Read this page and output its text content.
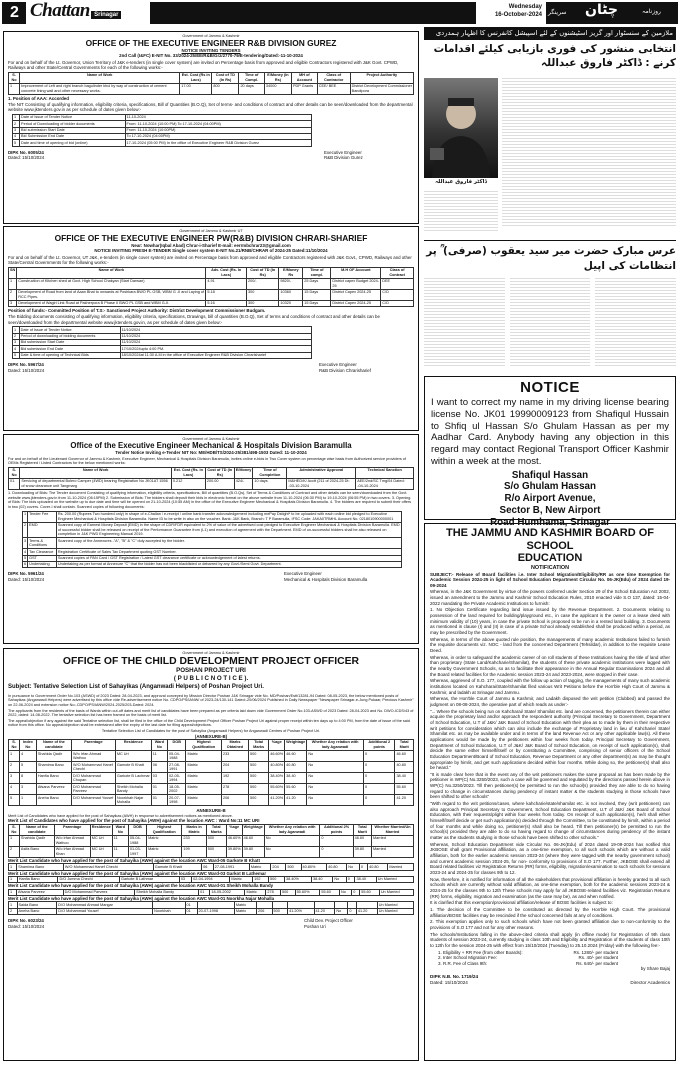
2 Chattan Srinagar
Wednesday
16-October-2024 سرینگر چٹان	روزنامہ
Government of Jammu & Kashmir
OFFICE OF THE EXECUTIVE ENGINEER R&B DIVISION GUREZ
NOTICE INVITING TENDERS
2nd Call (I&FC) E-NIT No. 33/2024-25/EE/R&B/Grz/2770-79/E-tendering/Dated:-11-10-2024

For and on behalf of the Lt. Governor, Union Territory of J&K e-tenders (in single cover system) are invited on Percentage basis from approved and eligible Contractors registered with J&K Govt. CPWD, Railways and other State/Central Governments for each of the following works:-

S. No	Name of Work	Est. Cost (Rs in Lacs)	Cost of TD (In Rs)	Time of Compl.	E/Money (In Rs)	MH of Account	Class of Contractor	Project Authority
1	Improvement of Left and right branch bagulinder khul by way of construction of cement concrete lining wall and other necessary works.	17.00	800	20 days	34000	PDP Grants	CEE/ BEE	District Development Commissioner Bandipora

1. Position of AAA: Accorded

The NIT Consisting of qualifying information, eligibility criteria, specifications, Bill of Quantities (B.O.Q), Set of terms- and conditions of contract and other details can be seen/downloaded from the departmental website www.jktenders.gov.in as per schedule of dates given below:-

1	Date of Issue of Tender Notice	11-10-2024
2	Period of Downloading of bidder documents	From: 11-10-2024 (10:00 PM) To 17-10-2024 (04:00PM)
3	Bid submission Start Date	From: 11-10-2024 (10:00PM)
4	Bid Submission End Date	To 17-10-2024 (04:00PM)
5	Date and time of opening of bid (online)	17-10-2024 (05:00 PM) In the office of Executive Engineer R&B Division Gurez
DIPK No. 6005/24
Dated: 15/10/2024
Executive Engineer
R&B Division Gurez
Government of Jammu & Kashmir UT
OFFICE OF THE EXECUTIVE ENGINEER PW(R&B) DIVISION CHRARI-SHARIEF
Near: Nowhar(Iqbal Abad) Chrar-i-Sharief E-mail: eerrmbchrar23@gmail.com
NOTICE INVITING FRESH E-TENDER Single cover system E-NIT No.21/RNB/CHRAR of 2024-25 Dated:11/10/2024

For and on behalf of the Lt. Governor, UT J&K, e-tenders (in single cover system) are invited on Percentage basis from approved and eligible Contractors registered with J&K Govt., CPWD, Railways and other State/Central Governments for the following works:-

SN	Name of Work	Adv. Cost (Rs. In Lacs)	Cost of TD (In Rs)	E/Money Rs	Time of compl.	M.H OF Account	Class of Contract
1	Construction of Kitchen shed at Govt. High School Chakyan (Start Darwan)	4.91	200/-	9820/-	25 Days	District capex Budget 2024-25	DEE
2	Development of Road from land of Aaan Bhat to onwards at Poshkara BWO PL GSB, WBM G -II and Laying of RCC Pipes.	5.18	300	10360	15 Days	District Capex 2024-25	C/D
3	Development of Wagiri Link Road at Pakherpora B Phase II BWO PL GSB and WBM G-II.	5.16	300	10320	15 Days	District Capex 2024-25	C/D

Position of funds:- Committed Position of T.S:- Sanctioned Project Authority: District Development Commissioner Budgam.

The Bidding documents consisting of qualifying information, eligibility criteria, specifications, Drawings, bill of quantities (B.O.Q), Set of terms and conditions of contract and other details can be seen/downloaded from the departmental website www.jktenders.gov.in, as per schedule of dates given below:-

1	Date of Issue of Tender Notice	11/10/2024
2	Period of downloading of bidding documents	11/10/2024
3	Bid submission Start Date	11/10/2024
4	Bid submission End Date	17/10/2024upto 4:00 PM.
5	Date & time of opening of Technical Bids	18/10/2024at 11:30 A.M in the office of Executive Engineer R&B Division Chrarisharief
DIPK No. 5967/24
Dated: 15/10/2024
Executive Engineer
R&B Division Chrarisharief
Government of Jammu & Kashmir
Office of the Executive Engineer Mechanical & Hospitals Division Baramulla
Tender Notice Inviting e-Tender NIT No: ME/HDB/TS/2024-25/381/498-1503 Dated: 11-10-2024

For and on behalf of the Lieutenant Governor of Jammu & Kashmir, Executive Engineer, Mechanical & Hospitals Division Baramulla, invites online e-bids in Two Cover system on percentage wise basis from Authorized service providers of OEMs Registered / Listed Contractors for the below mentioned works:

S. No	Name of Work	Est. Cost (Rs. in Lacs)	Cost of TD (In Rs)	E/Money	Time of Completion	Administrative Approval	Technical Sanction
01.	Servicing of departmental Bolero Camper (4WD) bearing Registration No JK01AT 1556 of snow clearance unit Tangmarg	0.212	200.00	424/-	10 days	M&HED/K/ Acctt (211 of 2024-25 Dt: -03-10-2024	AEE/2nd/SC Tmg/04 Dated: -04-10-2024

1. Downloading of Bids: The Tender document Consisting of qualifying information, eligibility criteria, specifications, Bill of quantities (B.O.Qs), Set of Terms & Conditions of Contract and other details can be seen/downloaded from the Govt. website www.jktenders.gov.in from 11-10-2024 (06:15PM) 2. Submission of Bids: The bidders shall deposit their bids in electronic format on the above website from 11-10-2024 (06:30 PM) to 19-10-2024 (06:55 PM) in two covers. 3. Opening of Bids: The bids uploaded on the website up to due date and time will be opened on 21-10-2024 (10:55 AM) in the office of the Executive Engineer Mechanical & Hospitals Division Baramulla. 4. The bidders are required to submit their offers in two (02) covers. Cover-I shall contain. Scanned copies of following documents:

1	Tender Fee	Rs. 200.00 (Rupees Two hundred only) in shape of e-Challan / e-receipt / online bank transfer acknowledgement including mePay Dstight* to be uploaded with each online bid pledged to Executive Engineer Mechanical & Hospitals Division Baramulla. Name ID to be write in also on the voucher. Bank: J&K Bank, Branch: T P Baramulla, IFSC Code: JAKA0TRMHL Account No. 0218010900000001
2	EMD	Scanned copy of Earnest Money Deposit (EMD) in the shape of CDR/FDR equivalent to 2% of value of the advertised cost pledged to Executive Engineer Mechanical & Hospitals Division Baramulla. EMD of successful bidder shall be released on receipt of the Performance Guarantee from (L1) and execution of agreement with the Department. EMD of un-successful bidders shall be also released on completion in J&K PWD Engineering Manual 2019.
3	Terms & Conditions	Scanned copy of the Annexures -"A", "B" & "C" duly accepted by the bidder.
4	Tax Clearance	Registration Certificate of Sales Tax Department quoting GST Number.
5	GST	Scanned copies of PAN Card / GST Registration / Latest GST clearance certificate or acknowledgement of latest returns.
6	Undertaking	Undertaking as per format at Annexure "C" that the bidder has not been blacklisted or debarred by any Govt./Semi Govt. Department.
DIPK No. 5961/24
Dated: 15/10/2024
Executive Engineer
Mechanical & Hospitals Division Baramulla
Government of Jammu & Kashmir
OFFICE OF THE CHILD DEVELOPMENT PROJECT OFFICER
POSHAN PROJECT URI
( P U B L I C N O T I C E ).
Subject: Tentative Selection List of Sahayikas (Anganwadi Helpers) of Poshan Project Uri.

In pursuance to Government Order No.103 (ASWD) of 2023 Dated: 28-04-2023, and approval conveyed by Mission Director Poshan J&K Srinagar vide No. MD/Poshan/Estt/13281-94 Dated: 08-05-2023, the below mentioned posts of Sahayikas (Anganwadi Helpers) were advertised by this office vide Re-advertisement notice No. CDPO/PS/IANW/ of 2023-24/130-141 Dated:-20/06/2024 Published in Daily Newspaper "Newspaper Srinagar-e-Jung Pukaar, Precious Kashmir" on 22-06-2024 and extension notice No:-CDPO/PS/IANW/2024-2025/203-Dated: 2024.

The applicants from the residents of the basis of Wards within cut-off dates and merit list of candidates have been prepared as per criteria laid down vide Government Order No.103-ASWD of 2023 Dated: 28-04-2023 and No. DWO-ICDS/43 of 2022, dated: 14-08-2022. The tentative selection list has been framed on the basis of merit list.

The appeal/objection if any against the said Tentative selection list, shall be filed in the office of the Child Development Project Officer Poshan Project Uri against proper receipt within ten days up to 4:00 PM, from the date of issue of the said notice from this office. No appeal/objection shall be entertained after the expiry of the last date for filing appeal/objections.

Tentative Selection List of Candidates for the post of Sahayika (Anganwadi Helpers) for Anganwadi Centres of Poshan Project Uri.
(ANNEXURE-B)
S. No	Index No	Name of the candidate	Parentage	Residence	Ward No	DOB	Highest Qualification	Marks Obtained	Total Marks	%age	Weightage	Whether Any relation with lady Aganwadi	Additional 2 points	Total Marit
1	4	Shahida Qadir	W/o Irfan Ahmad Wathoo	MC Uri	11	05-04-1988	Matric	233	500	46.60%	46.60	No	0	46.60
2	5	Shamima Bano	W/O Mohammad Hanef Chechi	Gamote B Khatt	06	27-08-1991	Matric	204	500	40.80%	40.80	No	0	40.80
3	8	Hanfia Bano	D/O Mohammad Chupan	Garkote B Lachmar	03	02-05-1994	Matric	192	500	38.40%	38.40	No	0	38.40
4	3	Afsana Parveez	D/O Mohammad Parveez	Sheikh Mohalla Bandy	01	18-05-2002	Matric	278	500	55.60%	55.60	No	0	55.60
5	1	Aneha Bano	D/O Mohammad Yousef	Noorkhah Najar Mohalla	01	20-07-1998	Matric	206	500	41.20%	41.20	No	0	41.20
ANNEXURE-B
Merit List of Candidates who have applied for the post of Sahayikas (AWH) in response to advertisement notices as mentioned above.
Merit List of Candidates who have applied for the post of Sahayika (AWH) against the location AWC : Ward No:11 MC URI
S. No	Name of the candidate	Parentage	Residence	Ward No	DOB	Highest Qualification	Marks in Matric	Total Marks	%age	Weightage	Whether Any relation with lady Aganwadi	Additional 2% points	Total Marit	Whether Married/Un Married
1	Shahida Qadir	W/o Irfan Ahmad Wathoo	MC Uri	11	05-04-1988	Matric	233	500	46.60%	46.60	No	0	46.60	Married
2	Asifa Bano	W/o Irfan Ahmad Khan	MC Uri	11	01-03-1997	Matric	199	500	39.80%	39.80	No	0	39.80	Married
Merit List Candidate who have applied for the post of Sahayika (AWH) against the location AWC Ward-05 Garkote B Khatt
1	Shamima Bano	W/O Mohammad Hanef Chechi	Gamote B Khatt	06	27-08-1991	Matric	204	500	40.80%	40.80	No	0	40.80	Married
Merit List Candidate who have applied for the post of Sahayika (AWH) against the location AWC Ward-03 Garkot B Lathemar
1	Hanfia Bano	D/O Jumma Chechi	Garkote B Lathmar	03	02-04-1994	Matric	192	500	38.40%	38.40	No	0	38.40	Un Married
Merit List Candidate who have applied for the post of Sahayika (AWH) against the location AWC Ward-01 Sheikh Mohalla Bandy
1	Afsana Parveez	D/O Mohammad Parveez	Sheikh Mohalla Bandy	01	18-05-2002	Matric	278	500	55.60%	55.60	No	0	55.60	Un Married
Merit List Candidate who have applied for the post of Sahayika (AWH) against the location AWC Ward-01 Noorkha Najar Mohalla
1	Saida Bano	D/O Mohammad Ahmad Mangar		01		Matric								Un Married
2	Aneha Bano	D/O Mohammad Yousef	Noorkhah	01	20-07-1998	Matric	206	500	41.20%	41.20	No	0	41.20	Un Married
DIPK No. 6023/24
Dated: 15/10/2024
Child Dev. Project Officer
Poshan Uri
ملازمین کے سنسٹوار اور گریز اسٹیشنوں کے لئے اسپیشل کانفرنس کا اظہار ہمدردی
انتخابی منشور کی فوری بازیابی کیلئے اقدامات کرنے : ڈاکٹر فاروق عبداللہ
ڈاکٹر فاروق عبداللہ
عرس مبارک حضرت میر سید یعقوب (صرفی) ؒ پر انتظامات کی اپیل
NOTICE
I want to correct my name in my driving license bearing license No. JK01 19990009123 from Shafiqul Hussain to Shfiq ul Hassan S/o Ghulam Hassan as per my Aadhar Card. Anybody having any objection in this regard may contact Regional Transport Officer Kashmir within a week at the most.
Shafiqul Hassan
S/o Ghulam Hassan
R/o Airport Avenue,
Sector B, New Airport
Road Humhama, Srinagar
THE JAMMU AND KASHMIR BOARD OF SCHOOL
EDUCATION
NOTIFICATION
SUBJECT:- Release of Board facilities i.e. Inter School Migration/Eligibility/RR as one time Exemption for Academic Session 2024-25 in light of School Education Department Circular No. 06-JK(Edu) of 2024 dated 19-09-2024

Whereas, in the J&K Government by virtue of the powers conferred under Section 29 of the School Education Act 2002, issued an amendment to the Jammu and Kashmir School Education Rules, 2010 enacted vide S.O 137, dated: 15-04-2022 mandating the Private Academic Institutions to furnish:

1. No Objection Certificate regarding land issue issued by the Revenue Department. 2. Documents relating to possession of the land required for building/playground etc., in case the applicant is the owner or a lease deed with minimum validity of (10) years, in case the private School is proposed to be run in a rented land building. 3. Documents as mentioned in clause (I) and (II) in case of a private School already established shall be produced within a period, as may be prescribed by the Government.

Whereas, in terms of the above quoted rule position, the managements of many academic Institutions failed to furnish the requisite documents viz. NOC - land from the concerned Department (Tehsildar), in addition to the requisite Lease Deed.

Whereas, in order to safeguard the academic career of on roll students of these Institutions having the title of land other than proprietary (State Land/Kahcharie/Shamilat), the students of these private academic institutions were lagged with the nearby Government Schools, so as to facilitate their appearance in the Annual Regular Examinations 2024 and all the Board related facilities for the Academic session 2023-24 and 2023-2024, were stopped in their case.

Whereas, aggrieved of S.O. 177, coupled with the follow up action of tagging, the managements of many such academic institutions located on Kahcharai/State/Shamilat filed various Writ Petitions before the Hon'ble High Court of Jammu & Kashmir, and ladakh at Srinagar and Jammu.

Whereas, the Hon'ble Court of Jammu & Kashmir, and Ladakh disposed the writ petition (Clubbed) and passed the judgment on 08-08-2024, the operative part of which reads as under:-

"... Where the schools being run on Kahcharai/ State/ Shamilat etc. land are concerned, the petitioners therein can either acquire the proprietary land and/or approach the respondent authority (Principal Secretary to Government, Department of School Education, U.T of J&K/ J&K Board of School Education with their plea as to made by them in their respective writ petitions for consideration which can also include the exchange of Proprietary land in lieu of Kahcharie/ State/ Shamilat etc. as may be available under and in terms of the land Revenue Act or any other applicable law(s). All these applications would be made by the petitioners within four weeks from today. Principal Secretary to Government, Department of School Education, U.T of J&K/ J&K Board of School Education, on receipt of such application(s), shall decide the same either himself/itself or by constituting a Committee, comprising of senior officers of the School Education Department/Board of School Education, Revenue Department or any other department(s) as may be thought appropriate by him/it, and get such applications decided within four months. While doing so, the petitioner(s) shall also be heard."

"It is made clear here that in the event any of the writ petitioners makes the same proposal as has been made by the petitioner in WP(C) No.3250/2023, such a case will be governed and regulated by the directions passed herein above in WP(C) No.3250/2023. Till then petitioner(s) be permitted to run the school(s) provided they are able to do so having regard to change in circumstances during pendency of instant matter & the students studying in those schools have been shifted to other schools"

"With regard to the writ petitions/cases, where kahcharie/state/shamilat etc. is not involved, they (writ petitioners) can also approach Principal Secretary to Government, School Education Department, U.T of J&K/ J&K Board of School Education, with their requests/plight within four weeks from today. On receipt of such application(s), he/it shall either himself/itself decide or get such application(s) decided through the Committee, to be constituted by him/it, within a period of four months and while doing so, petitioner(s) shall also be heard. Till then petitioner(s) be permitted to run the school(s) provided they are able to do so having regard to change of circumstances during pendency of the instant matter as the students studying in those schools have been shifted to other schools."

Whereas, School Education Department vide Circular No. 06-JK(Edu) of 2024 dated 19-09-2024 has notified that JKBOSE shall grant Provisional affiliation, as a one-time exemption, to all such schools which are without a valid affiliation, both for the earlier academic session 2023-24 (where they were tagged with the nearby government school) and current academic session 2024-25, for non- conformity to provisions of S.O 177. Further, JKBOSE shall extend all Board related facilities viz Registration Returns (RR) forms, eligibility, migration/examination to such schools for sessions 2023-24 and 2024-25 for classes 9th to 12.

Now, therefore, it is notified for information of all the stakeholders that provisional affiliation is hereby granted to all such schools which are currently without valid affiliation, as one-time exemption, both for the academic sessions 2023-24 & 2024-25 for the classes 9th to 12th These schools may apply for all JKBOSE-related facilities viz. Registration Returns (RR) forms, eligibility, migration and examination (as the case may be), as and when notified.

It is clarified that this exemption/provisional affiliation/release of BOSE facilities is subject to:

1. The decision of the Committee to be constituted as directed by the Hon'ble High Court. The provisional affiliation/BOSE facilities may be rescinded if the school concerned fails at any of conditions.

2. This exemption applies only to such schools which have not been granted affiliation due to non-conformity to the provisions of S.O 177 and not for any other reasons.

The schools/Institutions falling in the above-cited criteria shall apply (in offline mode) for Registration of 9th class students of session 2023-24, currently studying in class 10th and Eligibility and Registration of the students of class 10th to 12th for the session 2024-25 with effect from 15/10/2024 (Tuesday) to 25.10.2024 (Friday) with the following fee:-

1. Eligibility + RR Fee (from other Boards):	Rs. 1280/- per student
2. Inter School Migration Fee:	Rs. 40/- per student
3. R.R. Fee of Class 9th:	Rs. 640/- per student
by Share Bajaj
DIPK N.B. No. 1719/24
Dated: 15/10/2024	Director Academics
